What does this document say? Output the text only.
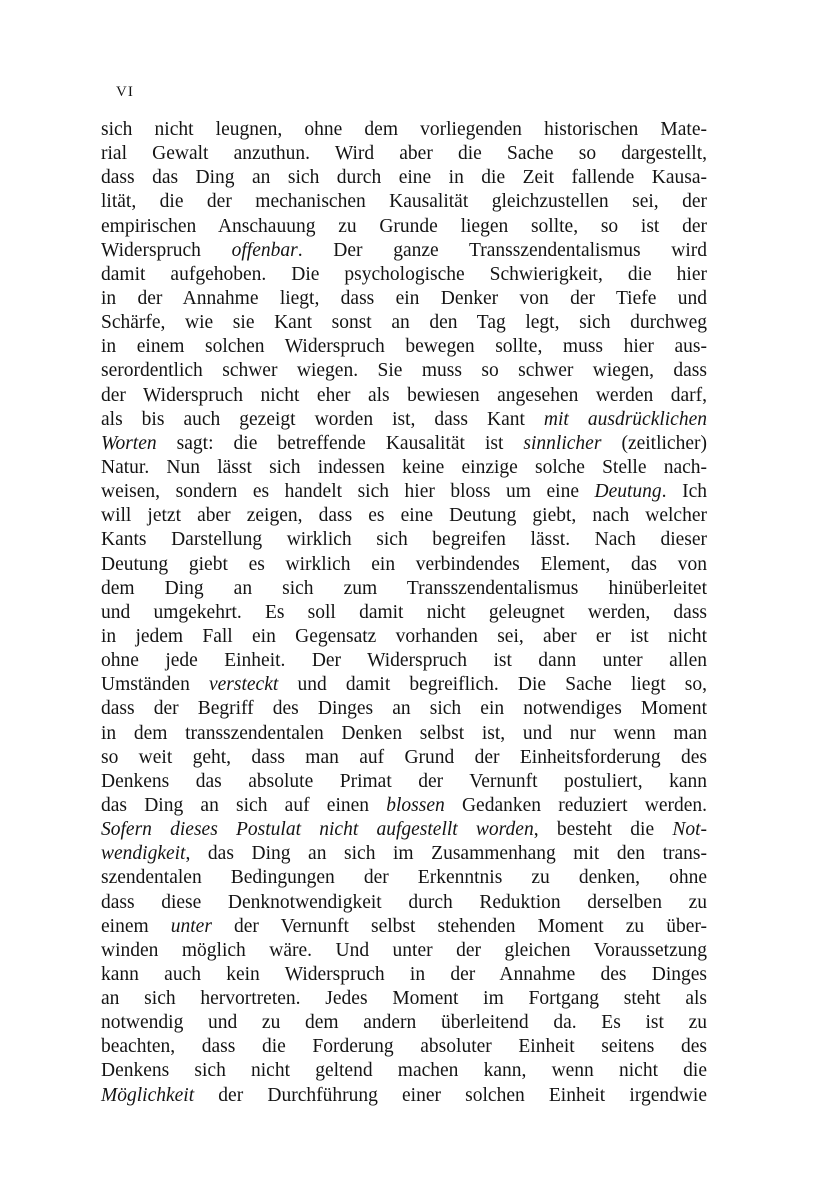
VI
sich nicht leugnen, ohne dem vorliegenden historischen Mate-
rial Gewalt anzuthun. Wird aber die Sache so dargestellt,
dass das Ding an sich durch eine in die Zeit fallende Kausa-
lität, die der mechanischen Kausalität gleichzustellen sei, der
empirischen Anschauung zu Grunde liegen sollte, so ist der
Widerspruch offenbar. Der ganze Transszendentalismus wird
damit aufgehoben. Die psychologische Schwierigkeit, die hier
in der Annahme liegt, dass ein Denker von der Tiefe und
Schärfe, wie sie Kant sonst an den Tag legt, sich durchweg
in einem solchen Widerspruch bewegen sollte, muss hier aus-
serordentlich schwer wiegen. Sie muss so schwer wiegen, dass
der Widerspruch nicht eher als bewiesen angesehen werden darf,
als bis auch gezeigt worden ist, dass Kant mit ausdrücklichen
Worten sagt: die betreffende Kausalität ist sinnlicher (zeitlicher)
Natur. Nun lässt sich indessen keine einzige solche Stelle nach-
weisen, sondern es handelt sich hier bloss um eine Deutung. Ich
will jetzt aber zeigen, dass es eine Deutung giebt, nach welcher
Kants Darstellung wirklich sich begreifen lässt. Nach dieser
Deutung giebt es wirklich ein verbindendes Element, das von
dem Ding an sich zum Transszendentalismus hinüberleitet
und umgekehrt. Es soll damit nicht geleugnet werden, dass
in jedem Fall ein Gegensatz vorhanden sei, aber er ist nicht
ohne jede Einheit. Der Widerspruch ist dann unter allen
Umständen versteckt und damit begreiflich. Die Sache liegt so,
dass der Begriff des Dinges an sich ein notwendiges Moment
in dem transszendentalen Denken selbst ist, und nur wenn man
so weit geht, dass man auf Grund der Einheitsforderung des
Denkens das absolute Primat der Vernunft postuliert, kann
das Ding an sich auf einen blossen Gedanken reduziert werden.
Sofern dieses Postulat nicht aufgestellt worden, besteht die Not-
wendigkeit, das Ding an sich im Zusammenhang mit den trans-
szendentalen Bedingungen der Erkenntnis zu denken, ohne
dass diese Denknotwendigkeit durch Reduktion derselben zu
einem unter der Vernunft selbst stehenden Moment zu über-
winden möglich wäre. Und unter der gleichen Voraussetzung
kann auch kein Widerspruch in der Annahme des Dinges
an sich hervortreten. Jedes Moment im Fortgang steht als
notwendig und zu dem andern überleitend da. Es ist zu
beachten, dass die Forderung absoluter Einheit seitens des
Denkens sich nicht geltend machen kann, wenn nicht die
Möglichkeit der Durchführung einer solchen Einheit irgendwie
